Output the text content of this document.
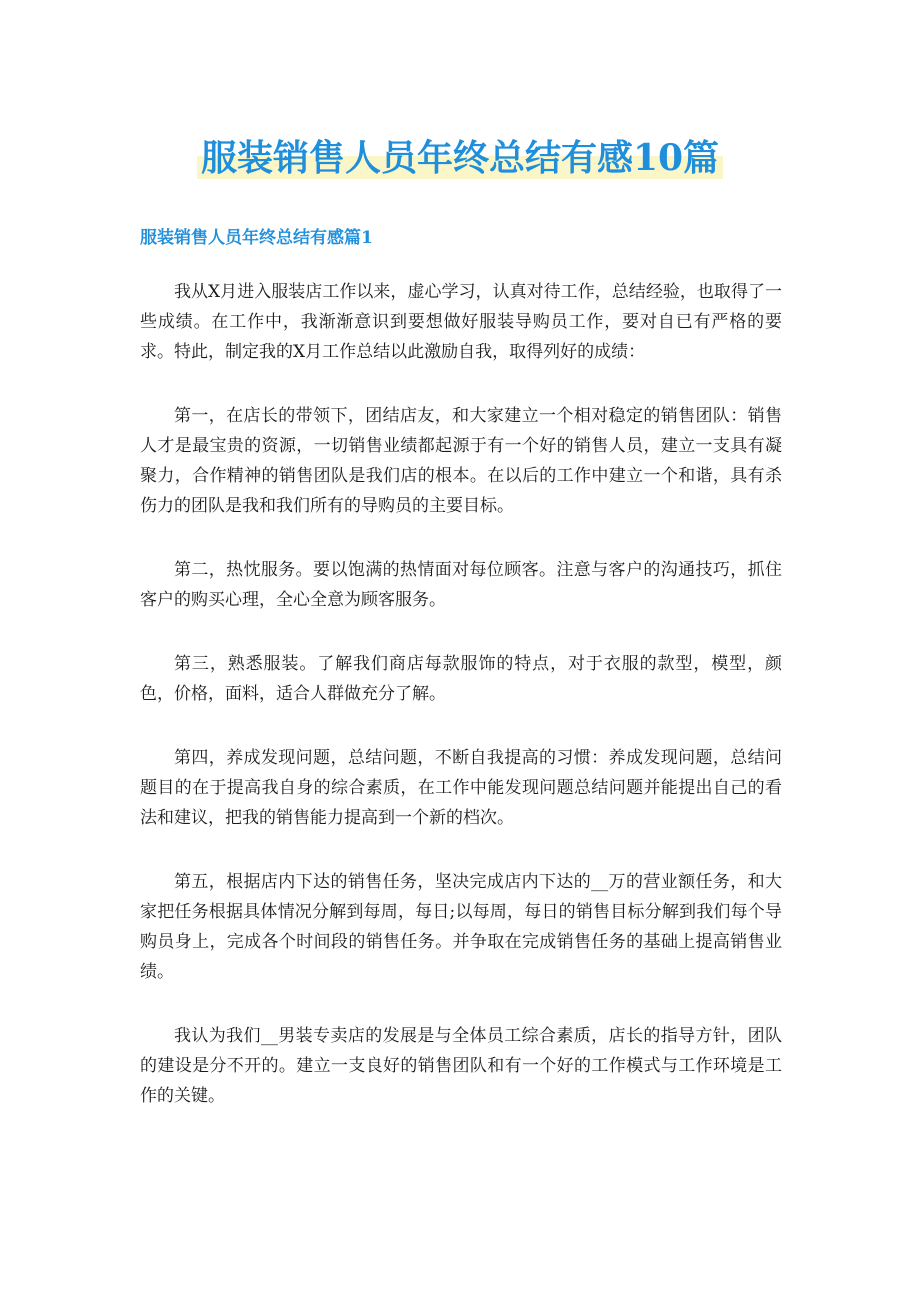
服装销售人员年终总结有感10篇
服装销售人员年终总结有感篇1

我从X月进入服装店工作以来，虚心学习，认真对待工作，总结经验，也取得了一些成绩。在工作中，我渐渐意识到要想做好服装导购员工作，要对自已有严格的要求。特此，制定我的X月工作总结以此激励自我，取得列好的成绩：

第一，在店长的带领下，团结店友，和大家建立一个相对稳定的销售团队：销售人才是最宝贵的资源，一切销售业绩都起源于有一个好的销售人员，建立一支具有凝聚力，合作精神的销售团队是我们店的根本。在以后的工作中建立一个和谐，具有杀伤力的团队是我和我们所有的导购员的主要目标。

第二，热忱服务。要以饱满的热情面对每位顾客。注意与客户的沟通技巧，抓住客户的购买心理，全心全意为顾客服务。

第三，熟悉服装。了解我们商店每款服饰的特点，对于衣服的款型，模型，颜色，价格，面料，适合人群做充分了解。

第四，养成发现问题，总结问题，不断自我提高的习惯：养成发现问题，总结问题目的在于提高我自身的综合素质，在工作中能发现问题总结问题并能提出自己的看法和建议，把我的销售能力提高到一个新的档次。

第五，根据店内下达的销售任务，坚决完成店内下达的__万的营业额任务，和大家把任务根据具体情况分解到每周，每日;以每周，每日的销售目标分解到我们每个导购员身上，完成各个时间段的销售任务。并争取在完成销售任务的基础上提高销售业绩。

我认为我们__男装专卖店的发展是与全体员工综合素质，店长的指导方针，团队的建设是分不开的。建立一支良好的销售团队和有一个好的工作模式与工作环境是工作的关键。
